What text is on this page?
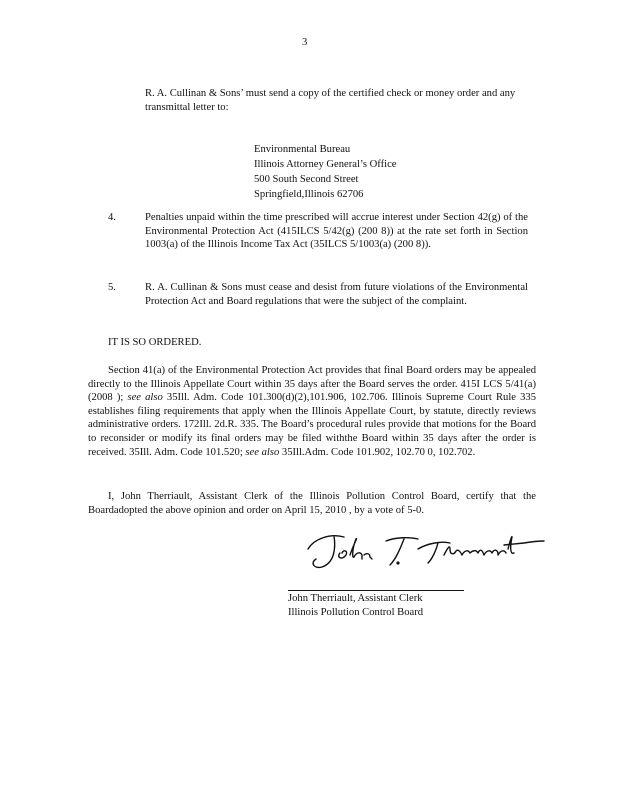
3
R. A. Cullinan & Sons’ must send a copy of the certified check or money order and any transmittal letter to:
Environmental Bureau
Illinois Attorney General’s Office
500 South Second Street
Springfield,Illinois 62706
4.	Penalties unpaid within the time prescribed will accrue interest under Section 42(g) of the Environmental Protection Act (415ILCS 5/42(g) (200 8)) at the rate set forth in Section 1003(a) of the Illinois Income Tax Act (35ILCS 5/1003(a) (200 8)).
5.	R. A. Cullinan & Sons must cease and desist from future violations of the Environmental Protection Act and Board regulations that were the subject of the complaint.
IT IS SO ORDERED.
Section 41(a) of the Environmental Protection Act provides that final Board orders may be appealed directly to the Illinois Appellate Court within 35 days after the Board serves the order. 415I LCS 5/41(a) (2008 ); see also 35Ill. Adm. Code 101.300(d)(2),101.906, 102.706. Illinois Supreme Court Rule 335 establishes filing requirements that apply when the Illinois Appellate Court, by statute, directly reviews administrative orders. 172Ill. 2d.R. 335. The Board’s procedural rules provide that motions for the Board to reconsider or modify its final orders may be filed withthe Board within 35 days after the order is received. 35Ill. Adm. Code 101.520; see also 35Ill.Adm. Code 101.902, 102.70 0, 102.702.
I, John Therriault, Assistant Clerk of the Illinois Pollution Control Board, certify that the Boardadopted the above opinion and order on April 15, 2010 , by a vote of 5-0.
John Therriault, Assistant Clerk
Illinois Pollution Control Board
